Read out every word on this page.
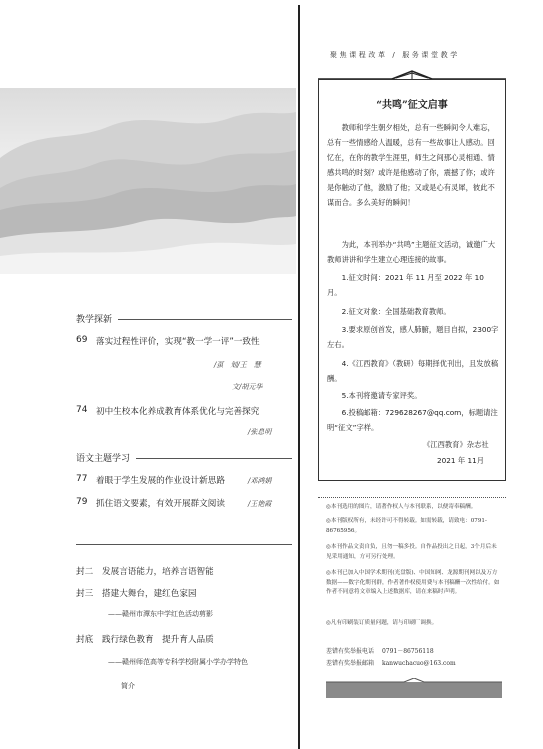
教学探新
69 落实过程性评价，实现“教一学一评”一致性
/虿　划/王　慧
文/胡元华
74 初中生校本化养成教育体系优化与完善探究
/张息明
语文主题学习
77 着眼于学生发展的作业设计新思路	/邓鸿娟
79 抓住语文要素，有效开展群文阅读	/王艳霞
封二 发展言语能力，培养言语智能
封三 搭建大舞台，建红色家园
——赣州市潭东中学红色活动剪影
封底 践行绿色教育　提升育人品质
——赣州师范高等专科学校附属小学办学特色
简介
聚焦课程改革 / 服务课堂教学
“共鸣”征文启事
　　教师和学生朝夕相处，总有一些瞬间令人难忘，总有一些情感给人温暖，总有一些故事让人感动。回忆在，在你的教学生涯里，师生之间那心灵相通、情感共鸣的时刻？或许是他感动了你，震撼了你；或许是你触动了他，激励了他；又或是心有灵犀，彼此不谋而合。多么美好的瞬间！
　　为此，本刊举办“共鸣”主题征文活动，诚邀广大教师讲讲和学生建立心理连接的故事。
　　1.征文时间：2021 年 11 月至 2022 年 10 月。
　　2.征文对象：全国基础教育教师。
　　3.要求原创首发，感人肺腑，题目自拟，2300字左右。
　　4.《江西教育》（教研）每期择优刊出，且发放稿酬。
　　5.本刊将邀请专家评奖。
　　6.投稿邮箱：729628267@qq.com，标题请注明“征文”字样。
《江西教育》杂志社
2021 年 11月
◎本刊选用的图片，请著作权人与本刊联系，以便寄奉稿酬。
◎本刊版权所有，未经许可不得转载。如需转载，请致电：0791-86765956。
◎本刊作品文责自负，且勿一稿多投。自作品投出之日起，3个月后未见采用通知，方可另行处理。
◎本刊已加入中国学术期刊(光盘版)、中国知网、龙源期刊网以及万方数据——数字化期刊群，作者著作权使用费与本刊稿酬一次性给付。如作者不同意将文章编入上述数据库，请在来稿时声明。
◎凡有印刷装订质量问题，请与印刷厂调换。
差错有奖举报电话 0791－86756118
差错有奖举报邮箱 kanwuchacuo@163.com
